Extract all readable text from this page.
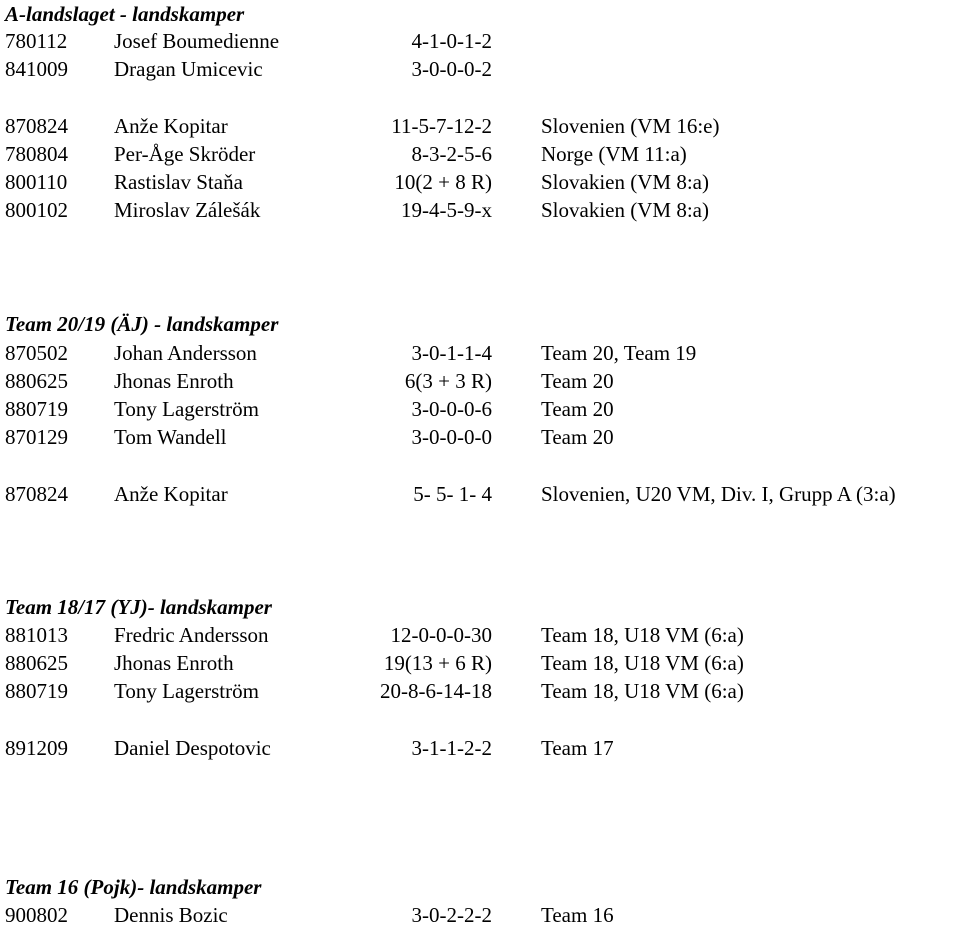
A-landslaget - landskamper
780112 Josef Boumedienne	4-1-0-1-2
841009 Dragan Umicevic	3-0-0-0-2
870824 Anže Kopitar	11-5-7-12-2 Slovenien (VM 16:e)
780804 Per-Åge Skröder	8-3-2-5-6 Norge (VM 11:a)
800110 Rastislav Staňa	10(2 + 8 R) Slovakien (VM 8:a)
800102 Miroslav Zálešák	19-4-5-9-x Slovakien (VM 8:a)
Team 20/19 (ÄJ) - landskamper
870502 Johan Andersson	3-0-1-1-4 Team 20, Team 19
880625 Jhonas Enroth	6(3 + 3 R) Team 20
880719 Tony Lagerström	3-0-0-0-6 Team 20
870129 Tom Wandell	3-0-0-0-0 Team 20
870824 Anže Kopitar	5- 5- 1- 4 Slovenien, U20 VM, Div. I, Grupp A (3:a)
Team 18/17 (YJ)- landskamper
881013 Fredric Andersson	12-0-0-0-30 Team 18, U18 VM (6:a)
880625 Jhonas Enroth	19(13 + 6 R) Team 18, U18 VM (6:a)
880719 Tony Lagerström	20-8-6-14-18 Team 18, U18 VM (6:a)
891209 Daniel Despotovic	3-1-1-2-2 Team 17
Team 16 (Pojk)- landskamper
900802 Dennis Bozic	3-0-2-2-2 Team 16
